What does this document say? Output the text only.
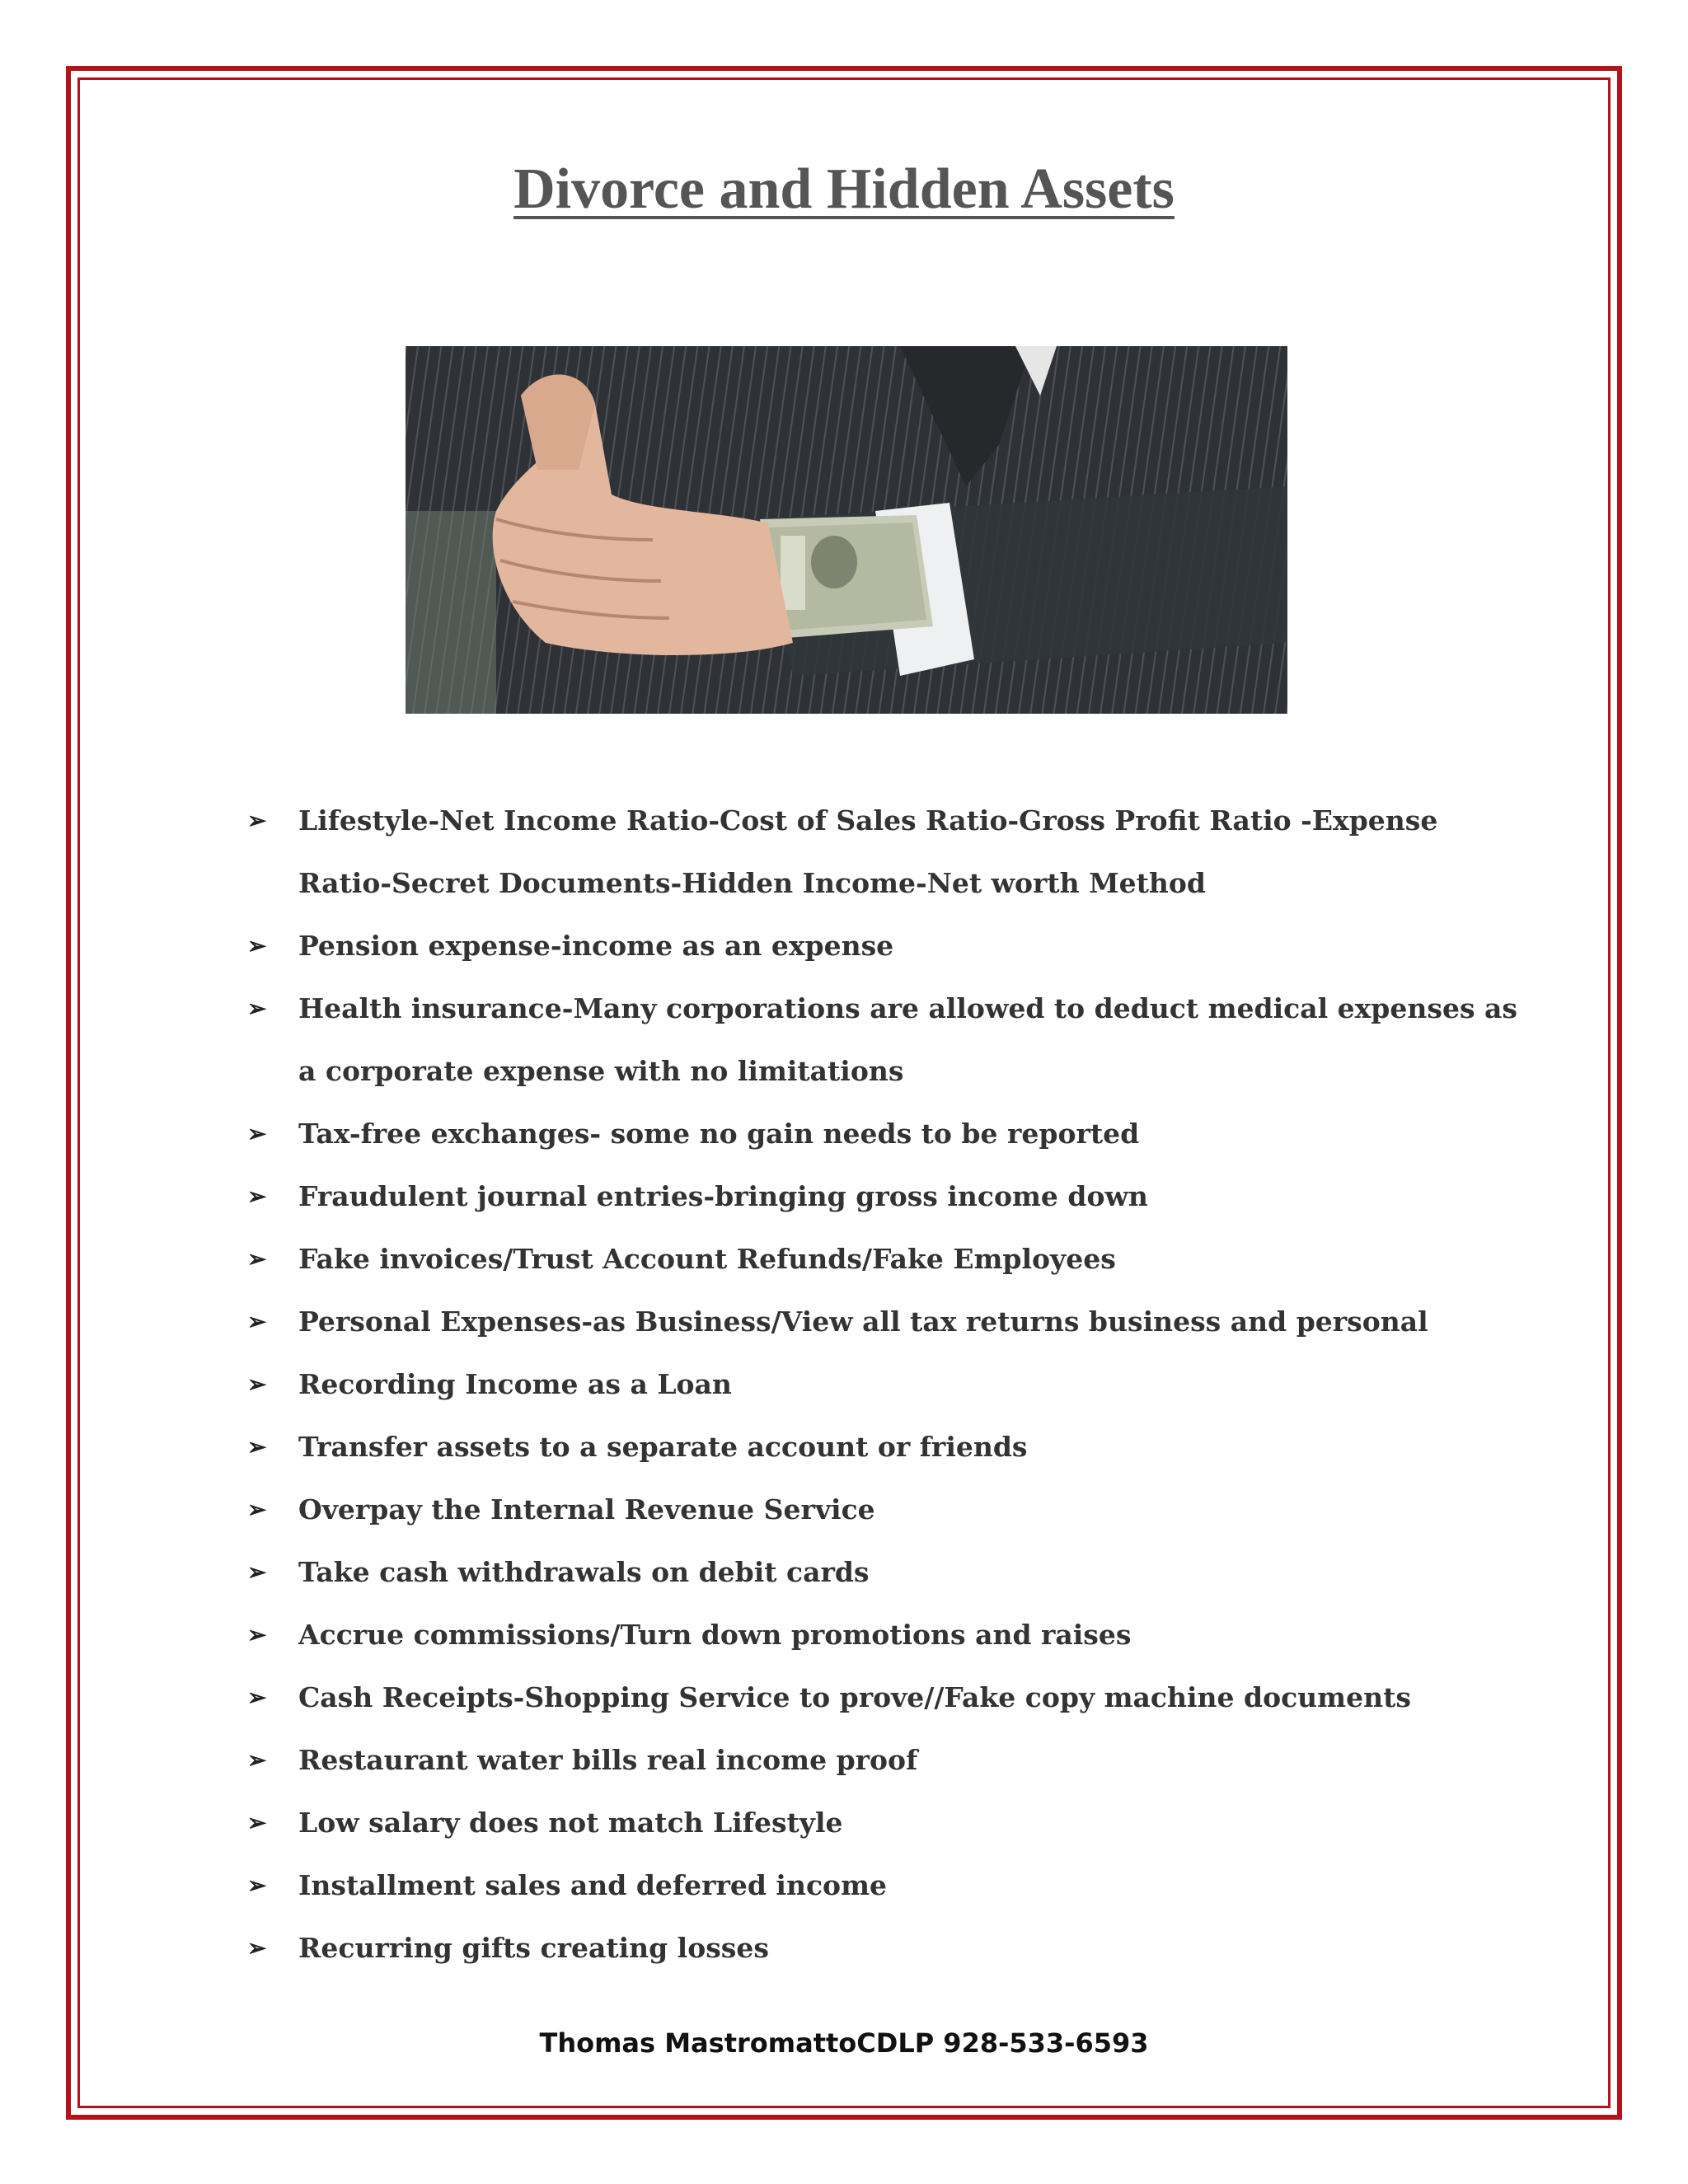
Divorce and Hidden Assets
➢	Lifestyle-Net Income Ratio-Cost of Sales Ratio-Gross Profit Ratio -Expense Ratio-Secret Documents-Hidden Income-Net worth Method
➢	Pension expense-income as an expense
➢	Health insurance-Many corporations are allowed to deduct medical expenses as a corporate expense with no limitations
➢	Tax-free exchanges- some no gain needs to be reported
➢	Fraudulent journal entries-bringing gross income down
➢	Fake invoices/Trust Account Refunds/Fake Employees
➢	Personal Expenses-as Business/View all tax returns business and personal
➢	Recording Income as a Loan
➢	Transfer assets to a separate account or friends
➢	Overpay the Internal Revenue Service
➢	Take cash withdrawals on debit cards
➢	Accrue commissions/Turn down promotions and raises
➢	Cash Receipts-Shopping Service to prove//Fake copy machine documents
➢	Restaurant water bills real income proof
➢	Low salary does not match Lifestyle
➢	Installment sales and deferred income
➢	Recurring gifts creating losses
Thomas MastromattoCDLP 928-533-6593
